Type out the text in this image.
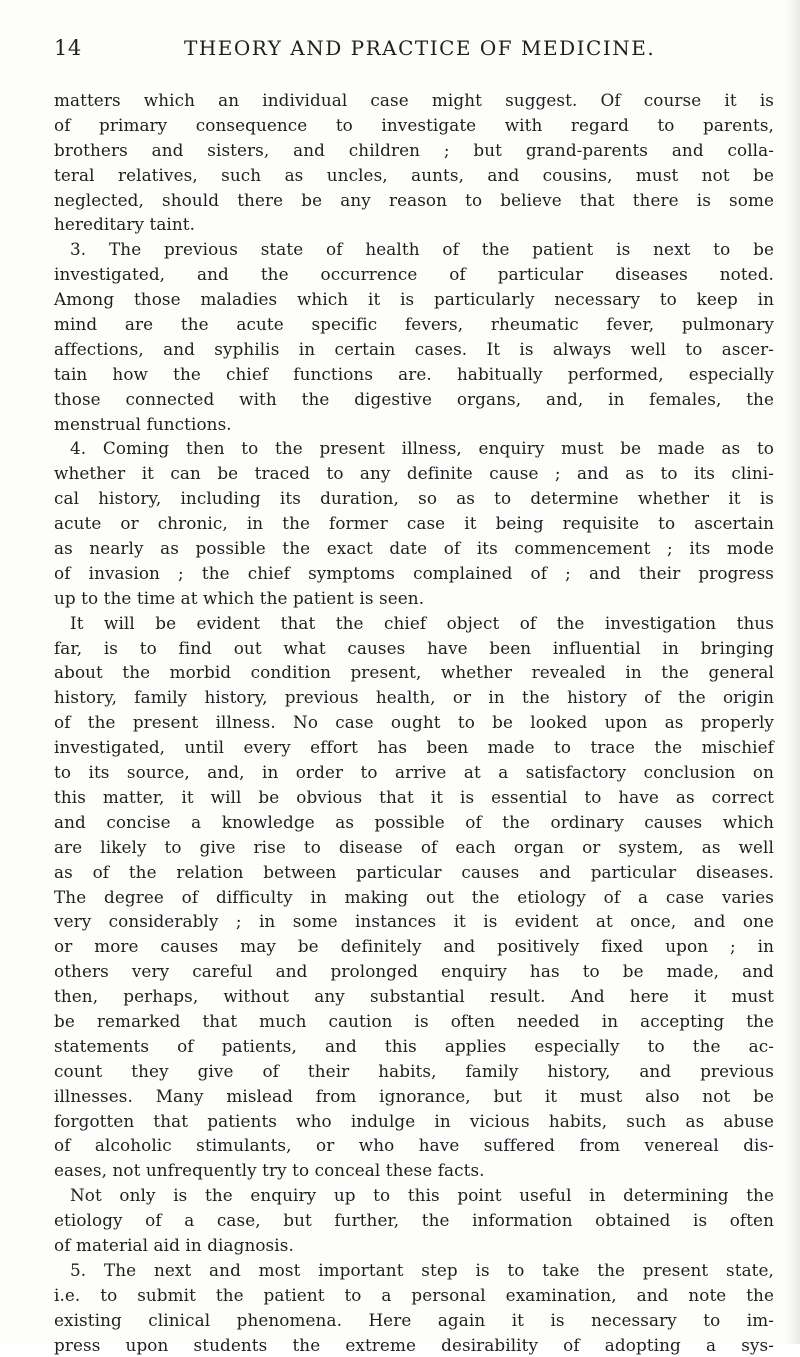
14	THEORY AND PRACTICE OF MEDICINE.
matters which an individual case might suggest. Of course it is
of primary consequence to investigate with regard to parents,
brothers and sisters, and children ; but grand-parents and colla-
teral relatives, such as uncles, aunts, and cousins, must not be
neglected, should there be any reason to believe that there is some
hereditary taint.
3. The previous state of health of the patient is next to be
investigated, and the occurrence of particular diseases noted.
Among those maladies which it is particularly necessary to keep in
mind are the acute specific fevers, rheumatic fever, pulmonary
affections, and syphilis in certain cases. It is always well to ascer-
tain how the chief functions are. habitually performed, especially
those connected with the digestive organs, and, in females, the
menstrual functions.
4. Coming then to the present illness, enquiry must be made as to
whether it can be traced to any definite cause ; and as to its clini-
cal history, including its duration, so as to determine whether it is
acute or chronic, in the former case it being requisite to ascertain
as nearly as possible the exact date of its commencement ; its mode
of invasion ; the chief symptoms complained of ; and their progress
up to the time at which the patient is seen.
It will be evident that the chief object of the investigation thus
far, is to find out what causes have been influential in bringing
about the morbid condition present, whether revealed in the general
history, family history, previous health, or in the history of the origin
of the present illness. No case ought to be looked upon as properly
investigated, until every effort has been made to trace the mischief
to its source, and, in order to arrive at a satisfactory conclusion on
this matter, it will be obvious that it is essential to have as correct
and concise a knowledge as possible of the ordinary causes which
are likely to give rise to disease of each organ or system, as well
as of the relation between particular causes and particular diseases.
The degree of difficulty in making out the etiology of a case varies
very considerably ; in some instances it is evident at once, and one
or more causes may be definitely and positively fixed upon ; in
others very careful and prolonged enquiry has to be made, and
then, perhaps, without any substantial result. And here it must
be remarked that much caution is often needed in accepting the
statements of patients, and this applies especially to the ac-
count they give of their habits, family history, and previous
illnesses. Many mislead from ignorance, but it must also not be
forgotten that patients who indulge in vicious habits, such as abuse
of alcoholic stimulants, or who have suffered from venereal dis-
eases, not unfrequently try to conceal these facts.
Not only is the enquiry up to this point useful in determining the
etiology of a case, but further, the information obtained is often
of material aid in diagnosis.
5. The next and most important step is to take the present state,
i.e. to submit the patient to a personal examination, and note the
existing clinical phenomena. Here again it is necessary to im-
press upon students the extreme desirability of adopting a sys-
